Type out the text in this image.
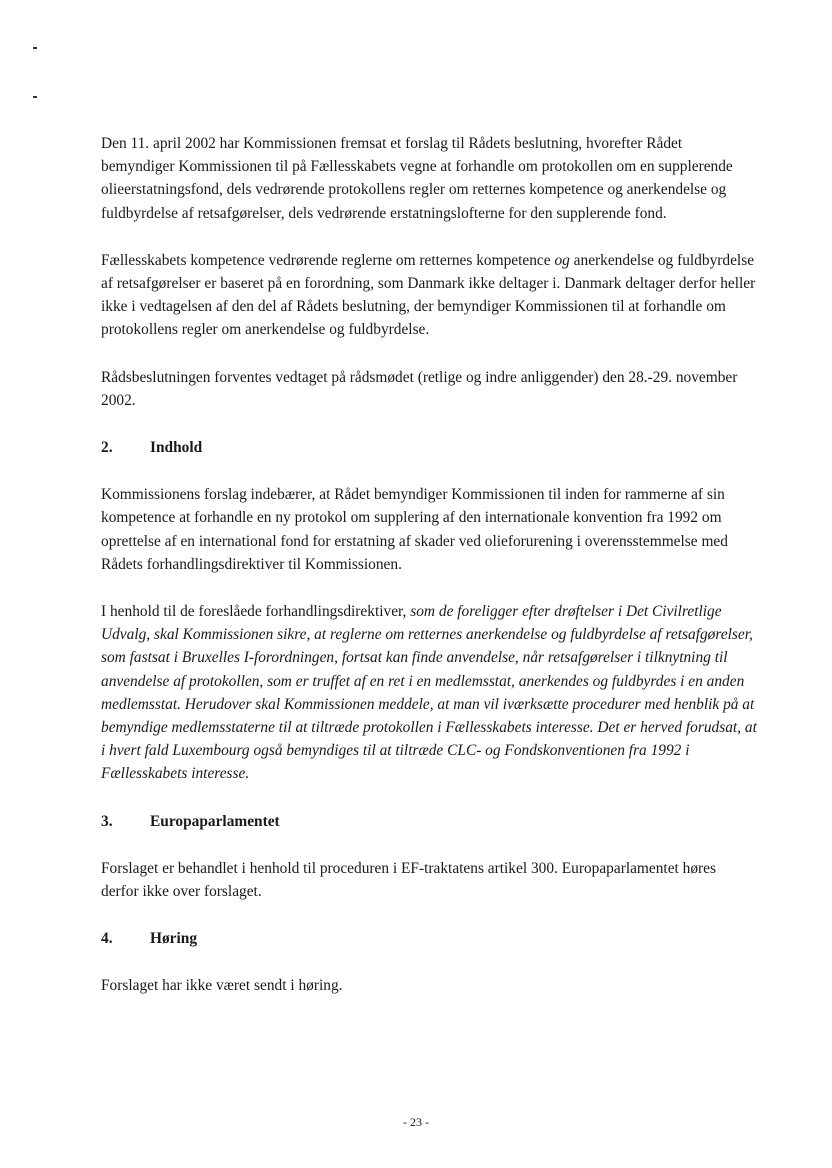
Den 11. april 2002 har Kommissionen fremsat et forslag til Rådets beslutning, hvorefter Rådet bemyndiger Kommissionen til på Fællesskabets vegne at forhandle om protokollen om en supplerende olieerstatningsfond, dels vedrørende protokollens regler om retternes kompetence og anerkendelse og fuldbyrdelse af retsafgørelser, dels vedrørende erstatningslofterne for den supplerende fond.

Fællesskabets kompetence vedrørende reglerne om retternes kompetence og anerkendelse og fuldbyrdelse af retsafgørelser er baseret på en forordning, som Danmark ikke deltager i. Danmark deltager derfor heller ikke i vedtagelsen af den del af Rådets beslutning, der bemyndiger Kommissionen til at forhandle om protokollens regler om anerkendelse og fuldbyrdelse.

Rådsbeslutningen forventes vedtaget på rådsmødet (retlige og indre anliggender) den 28.-29. november 2002.

2.	Indhold

Kommissionens forslag indebærer, at Rådet bemyndiger Kommissionen til inden for rammerne af sin kompetence at forhandle en ny protokol om supplering af den internationale konvention fra 1992 om oprettelse af en international fond for erstatning af skader ved olieforurening i overensstemmelse med Rådets forhandlingsdirektiver til Kommissionen.

I henhold til de foreslåede forhandlingsdirektiver, som de foreligger efter drøftelser i Det Civilretlige Udvalg, skal Kommissionen sikre, at reglerne om retternes anerkendelse og fuldbyrdelse af retsafgørelser, som fastsat i Bruxelles I-forordningen, fortsat kan finde anvendelse, når retsafgørelser i tilknytning til anvendelse af protokollen, som er truffet af en ret i en medlemsstat, anerkendes og fuldbyrdes i en anden medlemsstat. Herudover skal Kommissionen meddele, at man vil iværksætte procedurer med henblik på at bemyndige medlemsstaterne til at tiltræde protokollen i Fællesskabets interesse. Det er herved forudsat, at i hvert fald Luxembourg også bemyndiges til at tiltræde CLC- og Fondskonventionen fra 1992 i Fællesskabets interesse.

3.	Europaparlamentet

Forslaget er behandlet i henhold til proceduren i EF-traktatens artikel 300. Europaparlamentet høres derfor ikke over forslaget.

4.	Høring

Forslaget har ikke været sendt i høring.

- 23 -
